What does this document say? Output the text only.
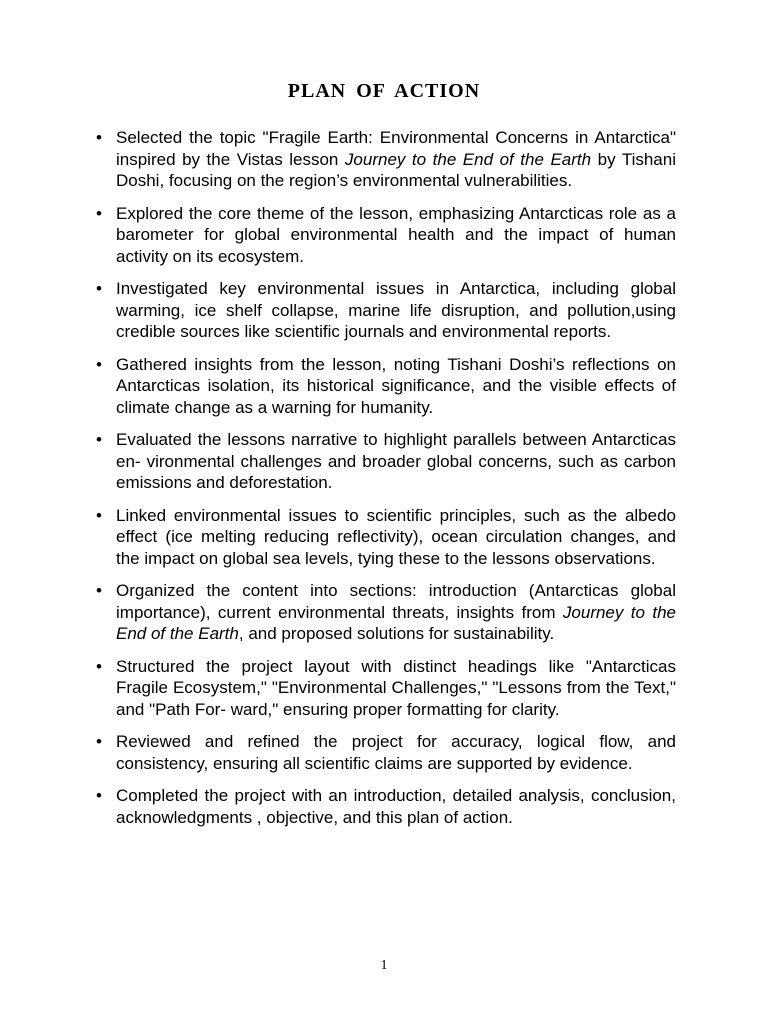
PLAN OF ACTION
• Selected the topic "Fragile Earth: Environmental Concerns in Antarctica" inspired by the Vistas lesson Journey to the End of the Earth by Tishani Doshi, focusing on the region’s environmental vulnerabilities.
• Explored the core theme of the lesson, emphasizing Antarcticas role as a barometer for global environmental health and the impact of human activity on its ecosystem.
• Investigated key environmental issues in Antarctica, including global warming, ice shelf collapse, marine life disruption, and pollution,using credible sources like scientific journals and environmental reports.
• Gathered insights from the lesson, noting Tishani Doshi’s reflections on Antarcticas isolation, its historical significance, and the visible effects of climate change as a warning for humanity.
• Evaluated the lessons narrative to highlight parallels between Antarcticas en- vironmental challenges and broader global concerns, such as carbon emissions and deforestation.
• Linked environmental issues to scientific principles, such as the albedo effect (ice melting reducing reflectivity), ocean circulation changes, and the impact on global sea levels, tying these to the lessons observations.
• Organized the content into sections: introduction (Antarcticas global importance), current environmental threats, insights from Journey to the End of the Earth, and proposed solutions for sustainability.
• Structured the project layout with distinct headings like "Antarcticas Fragile Ecosystem," "Environmental Challenges," "Lessons from the Text," and "Path For- ward," ensuring proper formatting for clarity.
• Reviewed and refined the project for accuracy, logical flow, and consistency, ensuring all scientific claims are supported by evidence.
• Completed the project with an introduction, detailed analysis, conclusion, acknowledgments , objective, and this plan of action.
1
